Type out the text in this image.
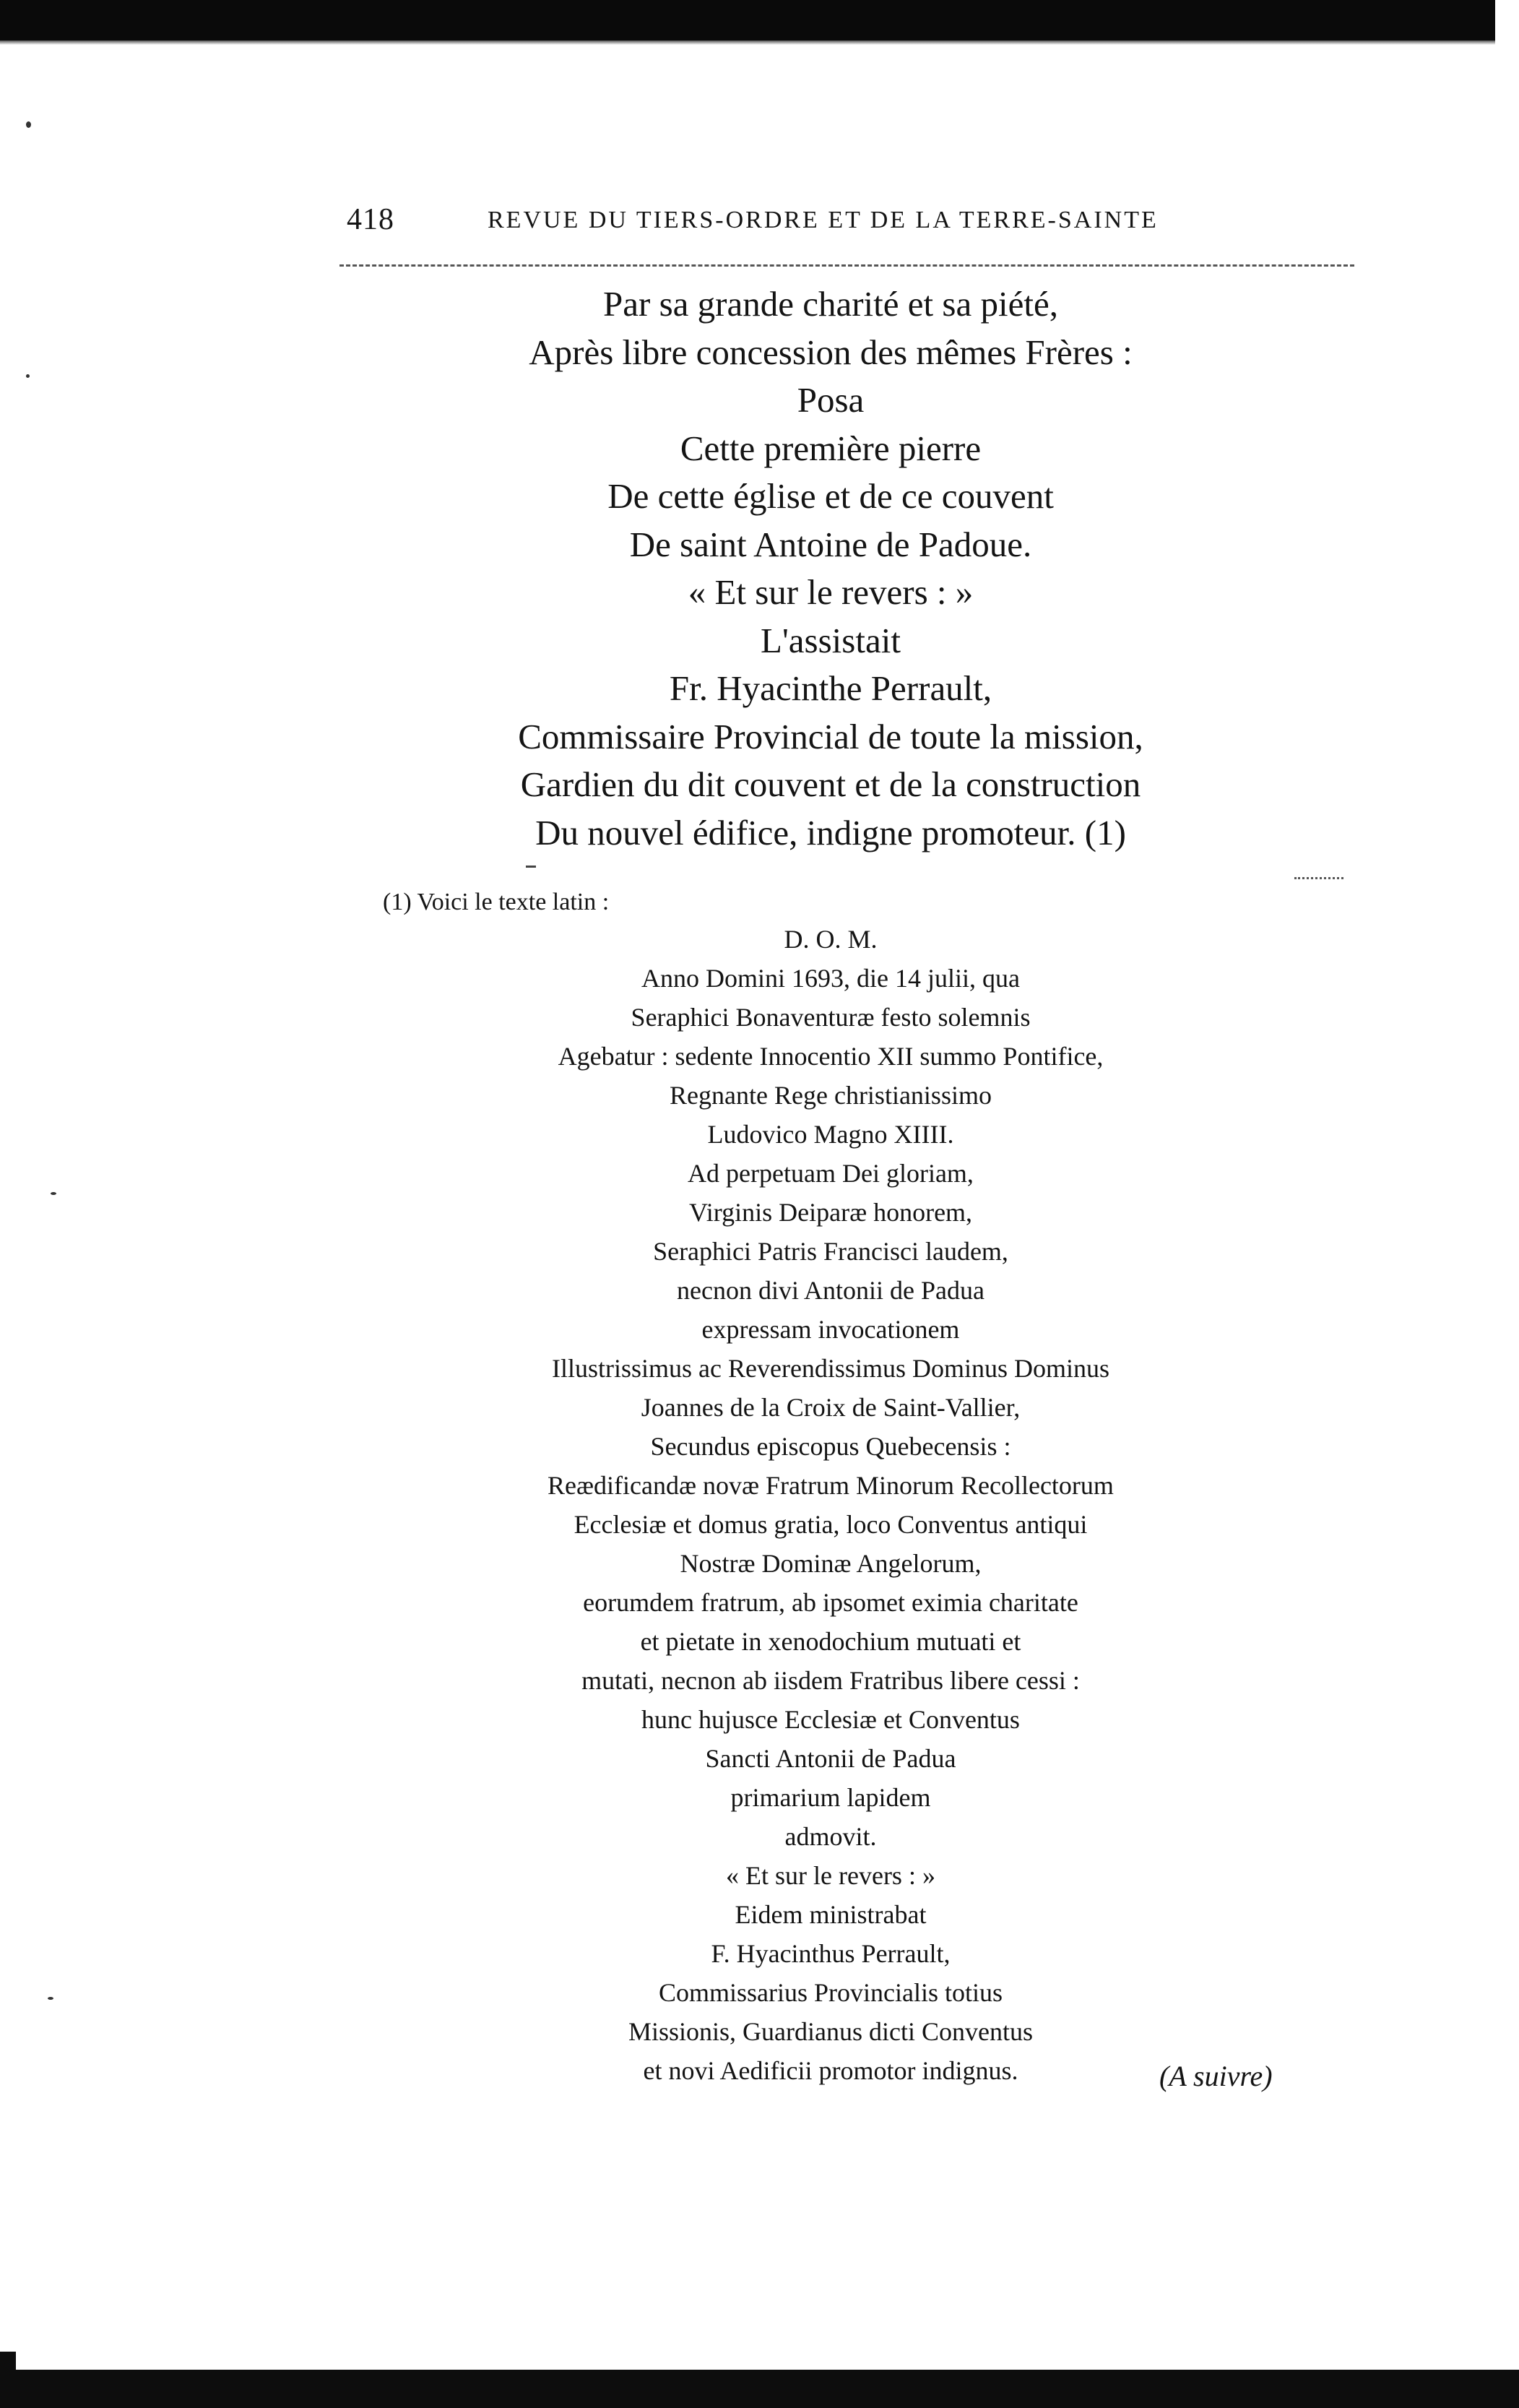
418	REVUE DU TIERS-ORDRE ET DE LA TERRE-SAINTE
Par sa grande charité et sa piété,
Après libre concession des mêmes Frères :
Posa
Cette première pierre
De cette église et de ce couvent
De saint Antoine de Padoue.
« Et sur le revers : »
L'assistait
Fr. Hyacinthe Perrault,
Commissaire Provincial de toute la mission,
Gardien du dit couvent et de la construction
Du nouvel édifice, indigne promoteur. (1)
(1) Voici le texte latin :
D. O. M.
Anno Domini 1693, die 14 julii, qua
Seraphici Bonaventuræ festo solemnis
Agebatur : sedente Innocentio XII summo Pontifice,
Regnante Rege christianissimo
Ludovico Magno XIIII.
Ad perpetuam Dei gloriam,
Virginis Deiparæ honorem,
Seraphici Patris Francisci laudem,
necnon divi Antonii de Padua
expressam invocationem
Illustrissimus ac Reverendissimus Dominus Dominus
Joannes de la Croix de Saint-Vallier,
Secundus episcopus Quebecensis :
Reædificandæ novæ Fratrum Minorum Recollectorum
Ecclesiæ et domus gratia, loco Conventus antiqui
Nostræ Dominæ Angelorum,
eorumdem fratrum, ab ipsomet eximia charitate
et pietate in xenodochium mutuati et
mutati, necnon ab iisdem Fratribus libere cessi :
hunc hujusce Ecclesiæ et Conventus
Sancti Antonii de Padua
primarium lapidem
admovit.
« Et sur le revers : »
Eidem ministrabat
F. Hyacinthus Perrault,
Commissarius Provincialis totius
Missionis, Guardianus dicti Conventus
et novi Aedificii promotor indignus.	(A suivre)
